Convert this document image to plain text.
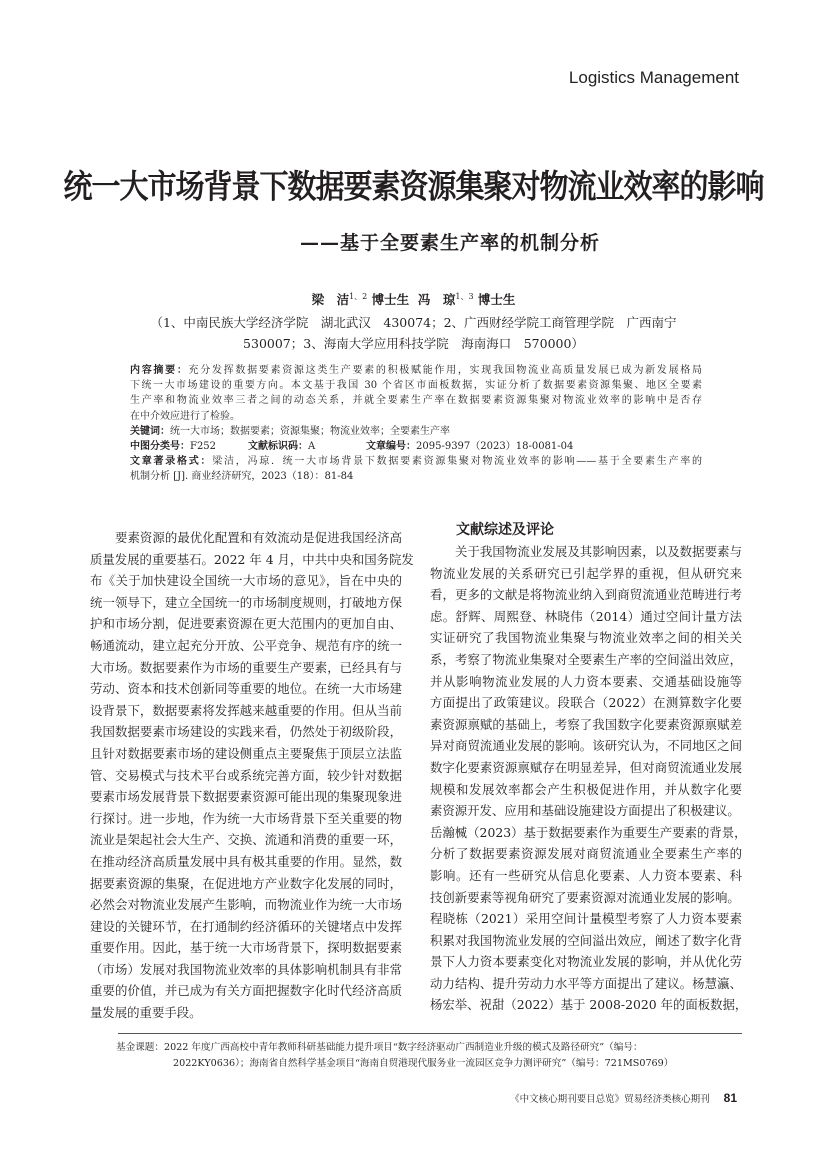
Logistics Management
统一大市场背景下数据要素资源集聚对物流业效率的影响
——基于全要素生产率的机制分析
梁　洁$^{1、2}$ 博士生 冯　琼$^{1、3}$ 博士生
（1、中南民族大学经济学院　湖北武汉　430074；2、广西财经学院工商管理学院　广西南宁
530007；3、海南大学应用科技学院　海南海口　570000）
内容摘要：充分发挥数据要素资源这类生产要素的积极赋能作用，实现我国物流业高质量发展已成为新发展格局
下统一大市场建设的重要方向。本文基于我国 30 个省区市面板数据，实证分析了数据要素资源集聚、地区全要素
生产率和物流业效率三者之间的动态关系，并就全要素生产率在数据要素资源集聚对物流业效率的影响中是否存
在中介效应进行了检验。
关键词：统一大市场；数据要素；资源集聚；物流业效率；全要素生产率
中图分类号：F252	文献标识码：A	文章编号：2095-9397（2023）18-0081-04
文章著录格式：梁洁，冯琼．统一大市场背景下数据要素资源集聚对物流业效率的影响——基于全要素生产率的
机制分析 [J]. 商业经济研究，2023（18）：81-84
　　要素资源的最优化配置和有效流动是促进我国经济高
质量发展的重要基石。2022 年 4 月，中共中央和国务院发
布《关于加快建设全国统一大市场的意见》，旨在中央的
统一领导下，建立全国统一的市场制度规则，打破地方保
护和市场分割，促进要素资源在更大范围内的更加自由、
畅通流动，建立起充分开放、公平竞争、规范有序的统一
大市场。数据要素作为市场的重要生产要素，已经具有与
劳动、资本和技术创新同等重要的地位。在统一大市场建
设背景下，数据要素将发挥越来越重要的作用。但从当前
我国数据要素市场建设的实践来看，仍然处于初级阶段，
且针对数据要素市场的建设侧重点主要聚焦于顶层立法监
管、交易模式与技术平台或系统完善方面，较少针对数据
要素市场发展背景下数据要素资源可能出现的集聚现象进
行探讨。进一步地，作为统一大市场背景下至关重要的物
流业是架起社会大生产、交换、流通和消费的重要一环，
在推动经济高质量发展中具有极其重要的作用。显然，数
据要素资源的集聚，在促进地方产业数字化发展的同时，
必然会对物流业发展产生影响，而物流业作为统一大市场
建设的关键环节，在打通制约经济循环的关键堵点中发挥
重要作用。因此，基于统一大市场背景下，探明数据要素
（市场）发展对我国物流业效率的具体影响机制具有非常
重要的价值，并已成为有关方面把握数字化时代经济高质
量发展的重要手段。
文献综述及评论
　　关于我国物流业发展及其影响因素，以及数据要素与
物流业发展的关系研究已引起学界的重视，但从研究来
看，更多的文献是将物流业纳入到商贸流通业范畴进行考
虑。舒辉、周熙登、林晓伟（2014）通过空间计量方法
实证研究了我国物流业集聚与物流业效率之间的相关关
系，考察了物流业集聚对全要素生产率的空间溢出效应，
并从影响物流业发展的人力资本要素、交通基础设施等
方面提出了政策建议。段联合（2022）在测算数字化要
素资源禀赋的基础上，考察了我国数字化要素资源禀赋差
异对商贸流通业发展的影响。该研究认为，不同地区之间
数字化要素资源禀赋存在明显差异，但对商贸流通业发展
规模和发展效率都会产生积极促进作用，并从数字化要
素资源开发、应用和基础设施建设方面提出了积极建议。
岳瀚楲（2023）基于数据要素作为重要生产要素的背景，
分析了数据要素资源发展对商贸流通业全要素生产率的
影响。还有一些研究从信息化要素、人力资本要素、科
技创新要素等视角研究了要素资源对流通业发展的影响。
程晓栋（2021）采用空间计量模型考察了人力资本要素
积累对我国物流业发展的空间溢出效应，阐述了数字化背
景下人力资本要素变化对物流业发展的影响，并从优化劳
动力结构、提升劳动力水平等方面提出了建议。杨慧瀛、
杨宏举、祝甜（2022）基于 2008-2020 年的面板数据，
基金课题：2022 年度广西高校中青年教师科研基础能力提升项目“数字经济驱动广西制造业升级的模式及路径研究”（编号：
2022KY0636）；海南省自然科学基金项目“海南自贸港现代服务业一流园区竞争力测评研究”（编号：721MS0769）
《中文核心期刊要目总览》贸易经济类核心期刊 81
